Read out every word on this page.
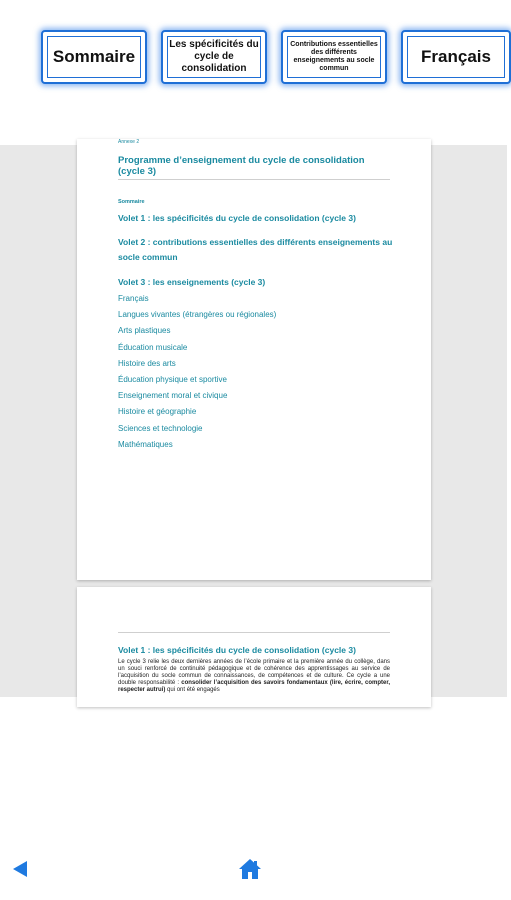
Sommaire
Les spécificités du cycle de consolidation
Contributions essentielles des différents enseignements au socle commun
Français
Annexe 2
Programme d’enseignement du cycle de consolidation (cycle 3)
Sommaire
Volet 1 : les spécificités du cycle de consolidation (cycle 3)
Volet 2 : contributions essentielles des différents enseignements au socle commun
Volet 3 : les enseignements (cycle 3)
Français
Langues vivantes (étrangères ou régionales)
Arts plastiques
Éducation musicale
Histoire des arts
Éducation physique et sportive
Enseignement moral et civique
Histoire et géographie
Sciences et technologie
Mathématiques
Volet 1 : les spécificités du cycle de consolidation (cycle 3)
Le cycle 3 relie les deux dernières années de l’école primaire et la première année du collège, dans un souci renforcé de continuité pédagogique et de cohérence des apprentissages au service de l’acquisition du socle commun de connaissances, de compétences et de culture. Ce cycle a une double responsabilité : consolider l’acquisition des savoirs fondamentaux (lire, écrire, compter, respecter autrui) qui ont été engagés
